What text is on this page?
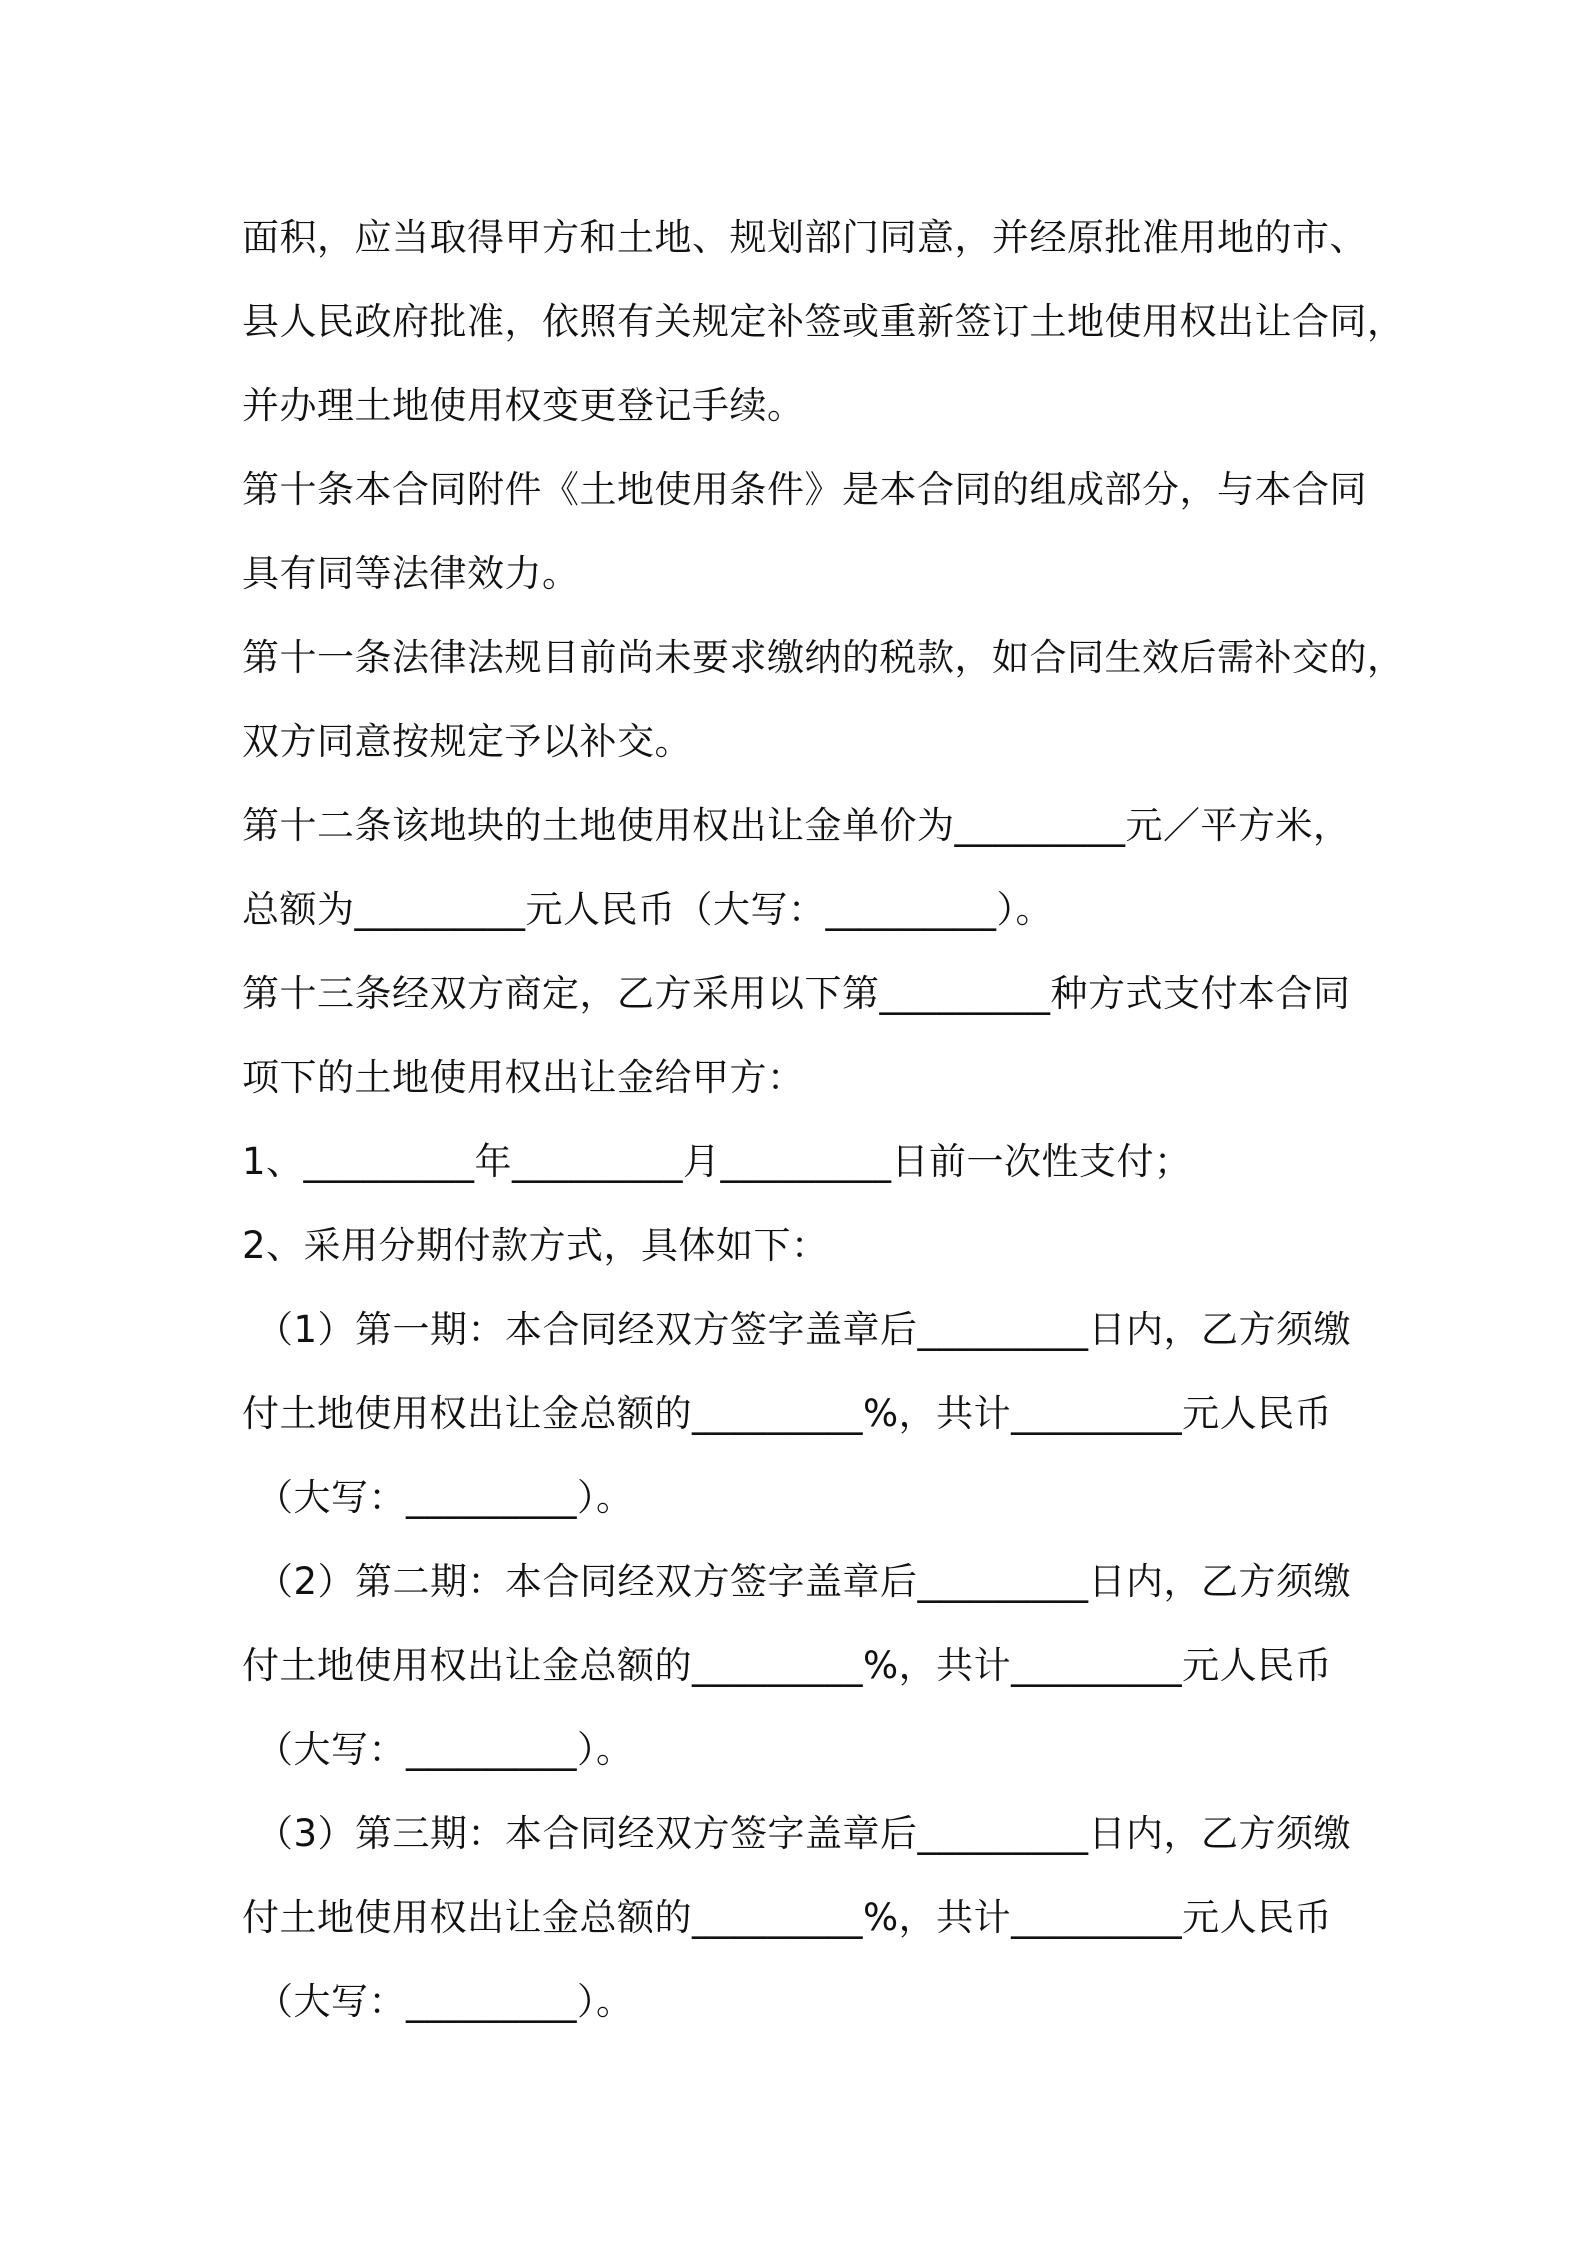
面积，应当取得甲方和土地、规划部门同意，并经原批准用地的市、
县人民政府批准，依照有关规定补签或重新签订土地使用权出让合同，
并办理土地使用权变更登记手续。
第十条本合同附件《土地使用条件》是本合同的组成部分，与本合同
具有同等法律效力。
第十一条法律法规目前尚未要求缴纳的税款，如合同生效后需补交的，
双方同意按规定予以补交。
第十二条该地块的土地使用权出让金单价为_________元／平方米，
总额为_________元人民币（大写：_________）。
第十三条经双方商定，乙方采用以下第_________种方式支付本合同
项下的土地使用权出让金给甲方：
1、_________年_________月_________日前一次性支付；
2、采用分期付款方式，具体如下：
（1）第一期：本合同经双方签字盖章后_________日内，乙方须缴
付土地使用权出让金总额的_________%，共计_________元人民币
（大写：_________）。
（2）第二期：本合同经双方签字盖章后_________日内，乙方须缴
付土地使用权出让金总额的_________%，共计_________元人民币
（大写：_________）。
（3）第三期：本合同经双方签字盖章后_________日内，乙方须缴
付土地使用权出让金总额的_________%，共计_________元人民币
（大写：_________）。
